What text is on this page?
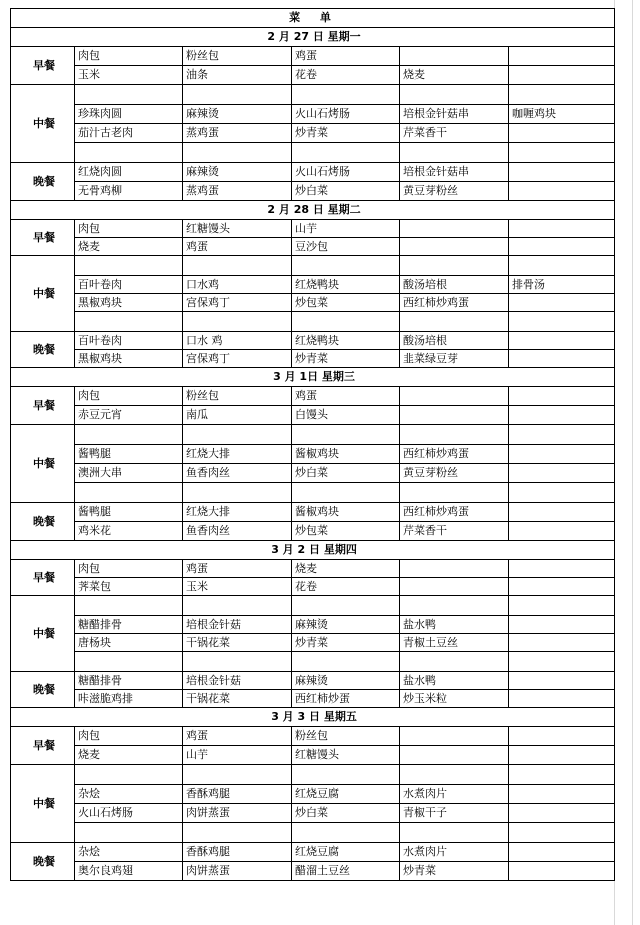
菜 单					
2 月 27 日 星期一					
早餐	肉包	粉丝包	鸡蛋		
	玉米	油条	花卷	烧麦	
中餐					
	珍珠肉圆	麻辣烫	火山石烤肠	培根金针菇串	咖喱鸡块
	茄汁古老肉	蒸鸡蛋	炒青菜	芹菜香干	

晚餐	红烧肉圆	麻辣烫	火山石烤肠	培根金针菇串	
	无骨鸡柳	蒸鸡蛋	炒白菜	黄豆芽粉丝	
2 月 28 日 星期二					
早餐	肉包	红糖馒头	山芋		
	烧麦	鸡蛋	豆沙包		
中餐					
	百叶卷肉	口水鸡	红烧鸭块	酸汤培根	排骨汤
	黑椒鸡块	宫保鸡丁	炒包菜	西红柿炒鸡蛋	

晚餐	百叶卷肉	口水 鸡	红烧鸭块	酸汤培根	
	黑椒鸡块	宫保鸡丁	炒青菜	韭菜绿豆芽	
3 月 1日 星期三					
早餐	肉包	粉丝包	鸡蛋		
	赤豆元宵	南瓜	白馒头		
中餐					
	酱鸭腿	红烧大排	酱椒鸡块	西红柿炒鸡蛋	
	澳洲大串	鱼香肉丝	炒白菜	黄豆芽粉丝	

晚餐	酱鸭腿	红烧大排	酱椒鸡块	西红柿炒鸡蛋	
	鸡米花	鱼香肉丝	炒包菜	芹菜香干	
3 月 2 日 星期四					
早餐	肉包	鸡蛋	烧麦		
	荠菜包	玉米	花卷		
中餐					
	糖醋排骨	培根金针菇	麻辣烫	盐水鸭	
	唐杨块	干锅花菜	炒青菜	青椒土豆丝	

晚餐	糖醋排骨	培根金针菇	麻辣烫	盐水鸭	
	咔滋脆鸡排	干锅花菜	西红柿炒蛋	炒玉米粒	
3 月 3 日 星期五					
早餐	肉包	鸡蛋	粉丝包		
	烧麦	山芋	红糖馒头		
中餐					
	杂烩	香酥鸡腿	红烧豆腐	水煮肉片	
	火山石烤肠	肉饼蒸蛋	炒白菜	青椒干子	

晚餐	杂烩	香酥鸡腿	红烧豆腐	水煮肉片	
	奥尔良鸡翅	肉饼蒸蛋	醋溜土豆丝	炒青菜	
